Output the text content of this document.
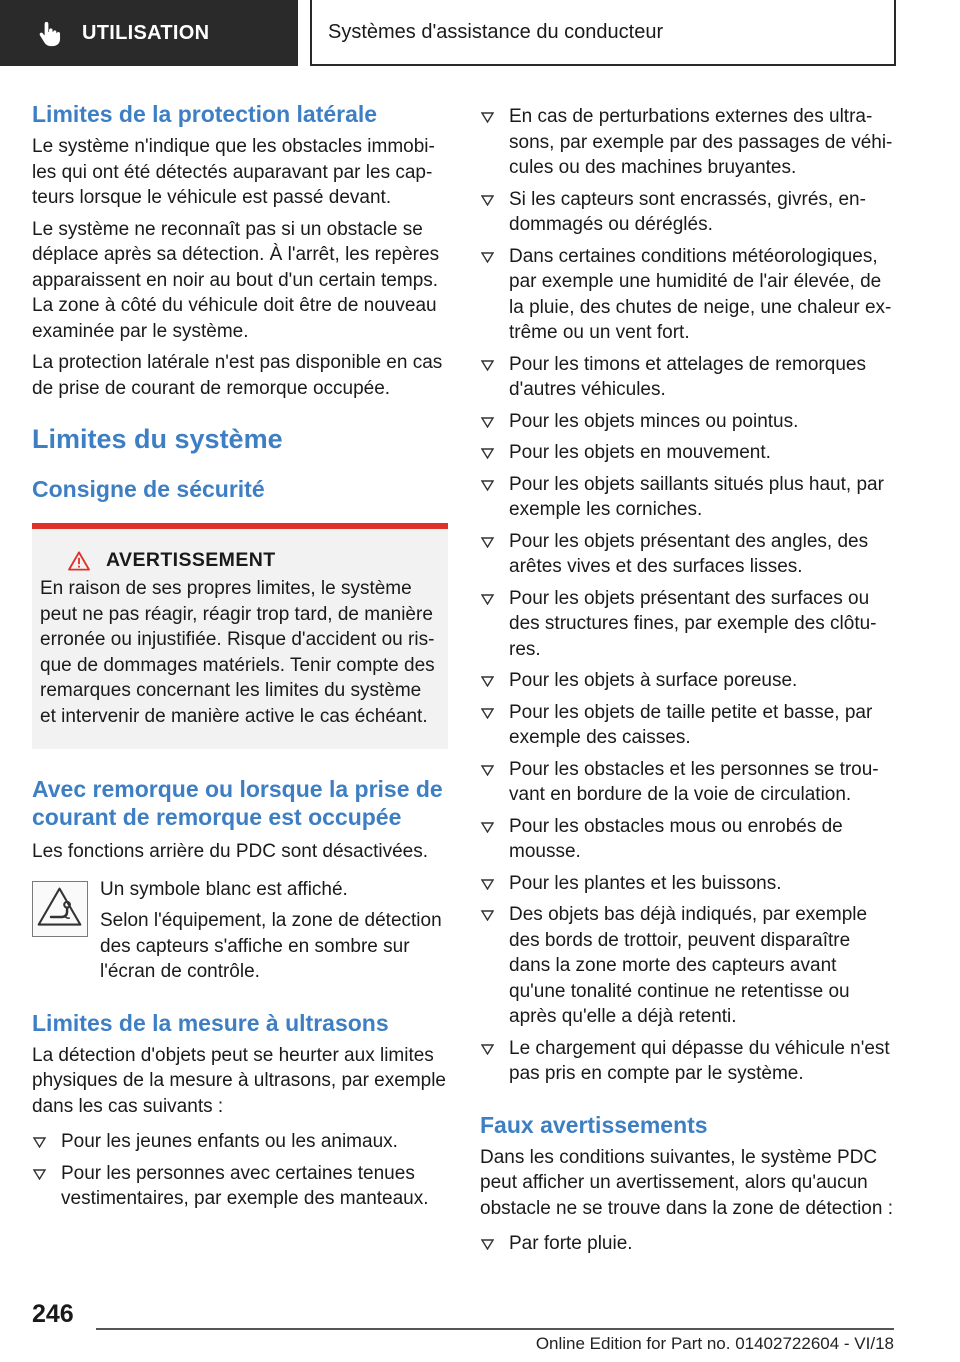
UTILISATION	Systèmes d'assistance du conducteur
Limites de la protection latérale

Le système n'indique que les obstacles immobi-les qui ont été détectés auparavant par les cap-teurs lorsque le véhicule est passé devant.

Le système ne reconnaît pas si un obstacle se déplace après sa détection. À l'arrêt, les repères apparaissent en noir au bout d'un certain temps. La zone à côté du véhicule doit être de nouveau examinée par le système.

La protection latérale n'est pas disponible en cas de prise de courant de remorque occupée.

Limites du système
Consigne de sécurité
AVERTISSEMENT

En raison de ses propres limites, le système peut ne pas réagir, réagir trop tard, de manière erronée ou injustifiée. Risque d'accident ou ris-que de dommages matériels. Tenir compte des remarques concernant les limites du système et intervenir de manière active le cas échéant.

Avec remorque ou lorsque la prise de courant de remorque est occupée

Les fonctions arrière du PDC sont désactivées.

Un symbole blanc est affiché.

Selon l'équipement, la zone de détection des capteurs s'affiche en sombre sur l'écran de contrôle.

Limites de la mesure à ultrasons

La détection d'objets peut se heurter aux limites physiques de la mesure à ultrasons, par exemple dans les cas suivants :

Pour les jeunes enfants ou les animaux.
Pour les personnes avec certaines tenues vestimentaires, par exemple des manteaux.
En cas de perturbations externes des ultra-sons, par exemple par des passages de véhi-cules ou des machines bruyantes.
Si les capteurs sont encrassés, givrés, en-dommagés ou déréglés.
Dans certaines conditions météorologiques, par exemple une humidité de l'air élevée, de la pluie, des chutes de neige, une chaleur ex-trême ou un vent fort.
Pour les timons et attelages de remorques d'autres véhicules.
Pour les objets minces ou pointus.
Pour les objets en mouvement.
Pour les objets saillants situés plus haut, par exemple les corniches.
Pour les objets présentant des angles, des arêtes vives et des surfaces lisses.
Pour les objets présentant des surfaces ou des structures fines, par exemple des clôtu-res.
Pour les objets à surface poreuse.
Pour les objets de taille petite et basse, par exemple des caisses.
Pour les obstacles et les personnes se trou-vant en bordure de la voie de circulation.
Pour les obstacles mous ou enrobés de mousse.
Pour les plantes et les buissons.
Des objets bas déjà indiqués, par exemple des bords de trottoir, peuvent disparaître dans la zone morte des capteurs avant qu'une tonalité continue ne retentisse ou après qu'elle a déjà retenti.
Le chargement qui dépasse du véhicule n'est pas pris en compte par le système.
Faux avertissements

Dans les conditions suivantes, le système PDC peut afficher un avertissement, alors qu'aucun obstacle ne se trouve dans la zone de détection :

Par forte pluie.
246
Online Edition for Part no. 01402722604 - VI/18
